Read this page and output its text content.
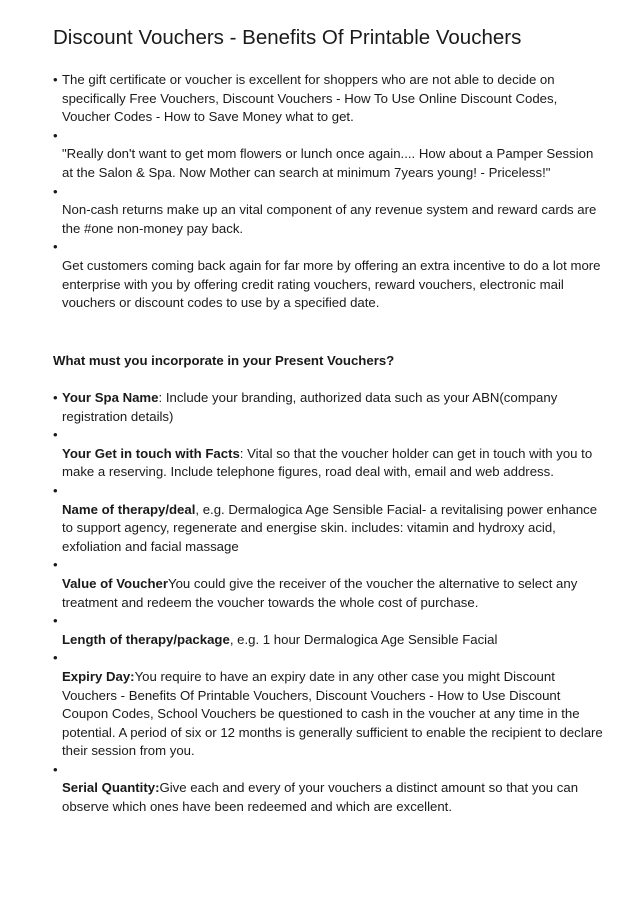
Discount Vouchers - Benefits Of Printable Vouchers
• The gift certificate or voucher is excellent for shoppers who are not able to decide on specifically Free Vouchers, Discount Vouchers - How To Use Online Discount Codes, Voucher Codes - How to Save Money what to get.
•
"Really don't want to get mom flowers or lunch once again.... How about a Pamper Session at the Salon & Spa. Now Mother can search at minimum 7years young! - Priceless!"
•
Non-cash returns make up an vital component of any revenue system and reward cards are the #one non-money pay back.
•
Get customers coming back again for far more by offering an extra incentive to do a lot more enterprise with you by offering credit rating vouchers, reward vouchers, electronic mail vouchers or discount codes to use by a specified date.
What must you incorporate in your Present Vouchers?
• Your Spa Name: Include your branding, authorized data such as your ABN(company registration details)
•
Your Get in touch with Facts: Vital so that the voucher holder can get in touch with you to make a reserving. Include telephone figures, road deal with, email and web address.
•
Name of therapy/deal, e.g. Dermalogica Age Sensible Facial- a revitalising power enhance to support agency, regenerate and energise skin. includes: vitamin and hydroxy acid, exfoliation and facial massage
•
Value of VoucherYou could give the receiver of the voucher the alternative to select any treatment and redeem the voucher towards the whole cost of purchase.
•
Length of therapy/package, e.g. 1 hour Dermalogica Age Sensible Facial
•
Expiry Day:You require to have an expiry date in any other case you might Discount Vouchers - Benefits Of Printable Vouchers, Discount Vouchers - How to Use Discount Coupon Codes, School Vouchers be questioned to cash in the voucher at any time in the potential. A period of six or 12 months is generally sufficient to enable the recipient to declare their session from you.
•
Serial Quantity:Give each and every of your vouchers a distinct amount so that you can observe which ones have been redeemed and which are excellent.
